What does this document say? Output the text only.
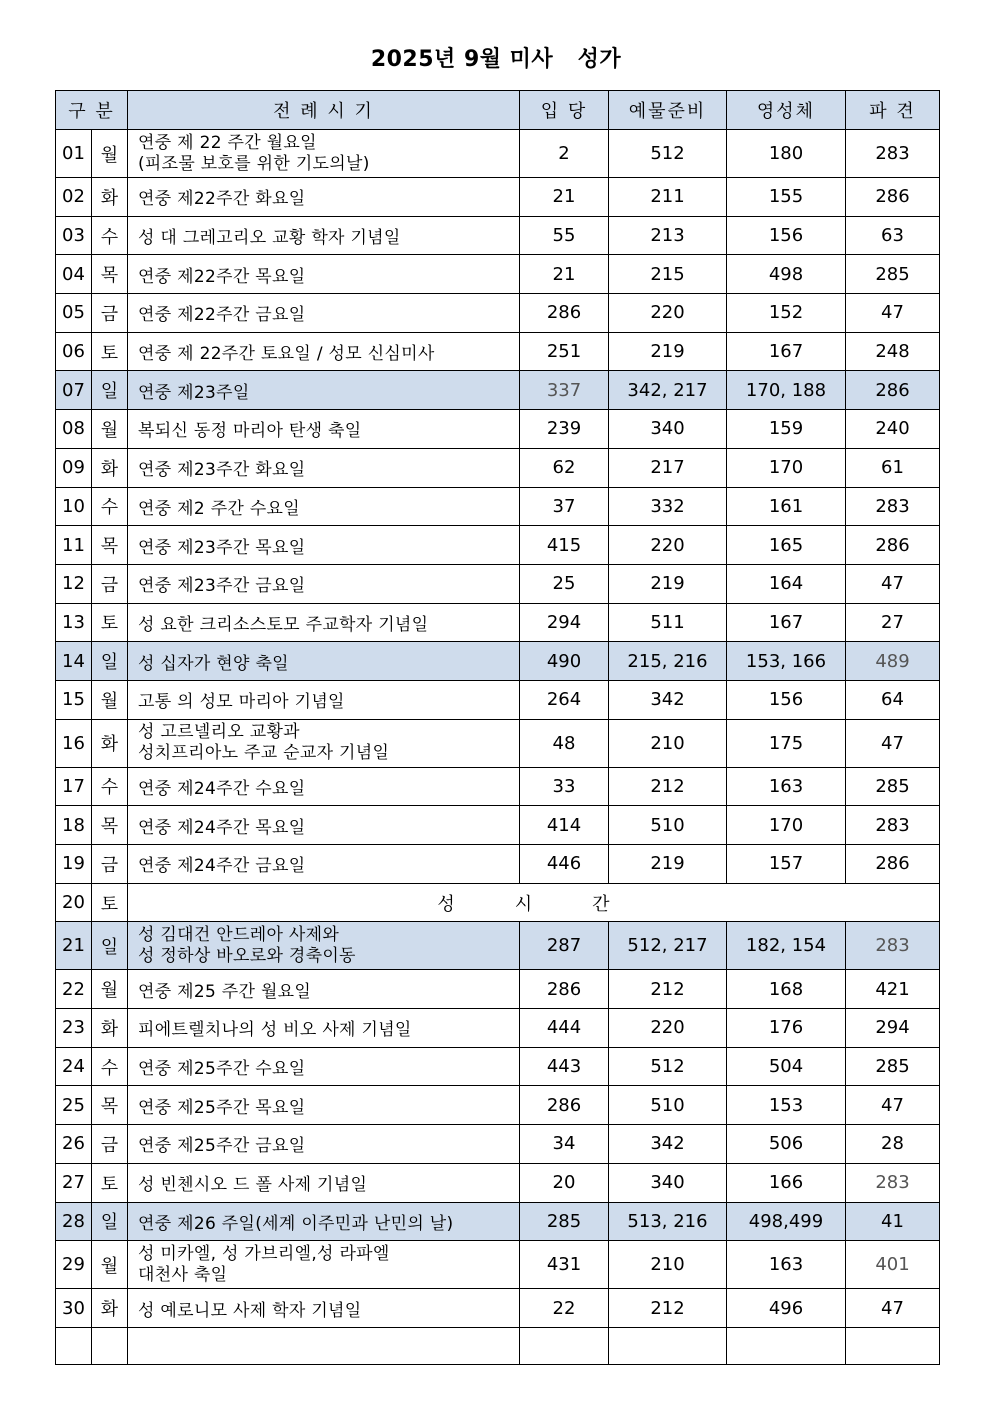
2025년 9월 미사   성가
구 분		전 례 시 기	입 당	예물준비	영성체	파 견
01	월	연중 제 22 주간 월요일
(피조물 보호를 위한 기도의날)	2	512	180	283
02	화	연중 제22주간 화요일	21	211	155	286
03	수	성 대 그레고리오 교황 학자 기념일	55	213	156	63
04	목	연중 제22주간 목요일	21	215	498	285
05	금	연중 제22주간 금요일	286	220	152	47
06	토	연중 제 22주간 토요일 / 성모 신심미사	251	219	167	248
07	일	연중 제23주일	337	342, 217	170, 188	286
08	월	복되신 동정 마리아 탄생 축일	239	340	159	240
09	화	연중 제23주간 화요일	62	217	170	61
10	수	연중 제2 주간 수요일	37	332	161	283
11	목	연중 제23주간 목요일	415	220	165	286
12	금	연중 제23주간 금요일	25	219	164	47
13	토	성 요한 크리소스토모 주교학자 기념일	294	511	167	27
14	일	성 십자가 현양 축일	490	215, 216	153, 166	489
15	월	고통 의 성모 마리아 기념일	264	342	156	64
16	화	성 고르넬리오 교황과
성치프리아노 주교 순교자 기념일	48	210	175	47
17	수	연중 제24주간 수요일	33	212	163	285
18	목	연중 제24주간 목요일	414	510	170	283
19	금	연중 제24주간 금요일	446	219	157	286
20	토	성시간				
21	일	성 김대건 안드레아 사제와
성 정하상 바오로와 경축이동	287	512, 217	182, 154	283
22	월	연중 제25 주간 월요일	286	212	168	421
23	화	피에트렐치나의 성 비오 사제 기념일	444	220	176	294
24	수	연중 제25주간 수요일	443	512	504	285
25	목	연중 제25주간 목요일	286	510	153	47
26	금	연중 제25주간 금요일	34	342	506	28
27	토	성 빈첸시오 드 폴 사제 기념일	20	340	166	283
28	일	연중 제26 주일(세계 이주민과 난민의 날)	285	513, 216	498,499	41
29	월	성 미카엘, 성 가브리엘,성 라파엘
대천사 축일	431	210	163	401
30	화	성 예로니모 사제 학자 기념일	22	212	496	47
